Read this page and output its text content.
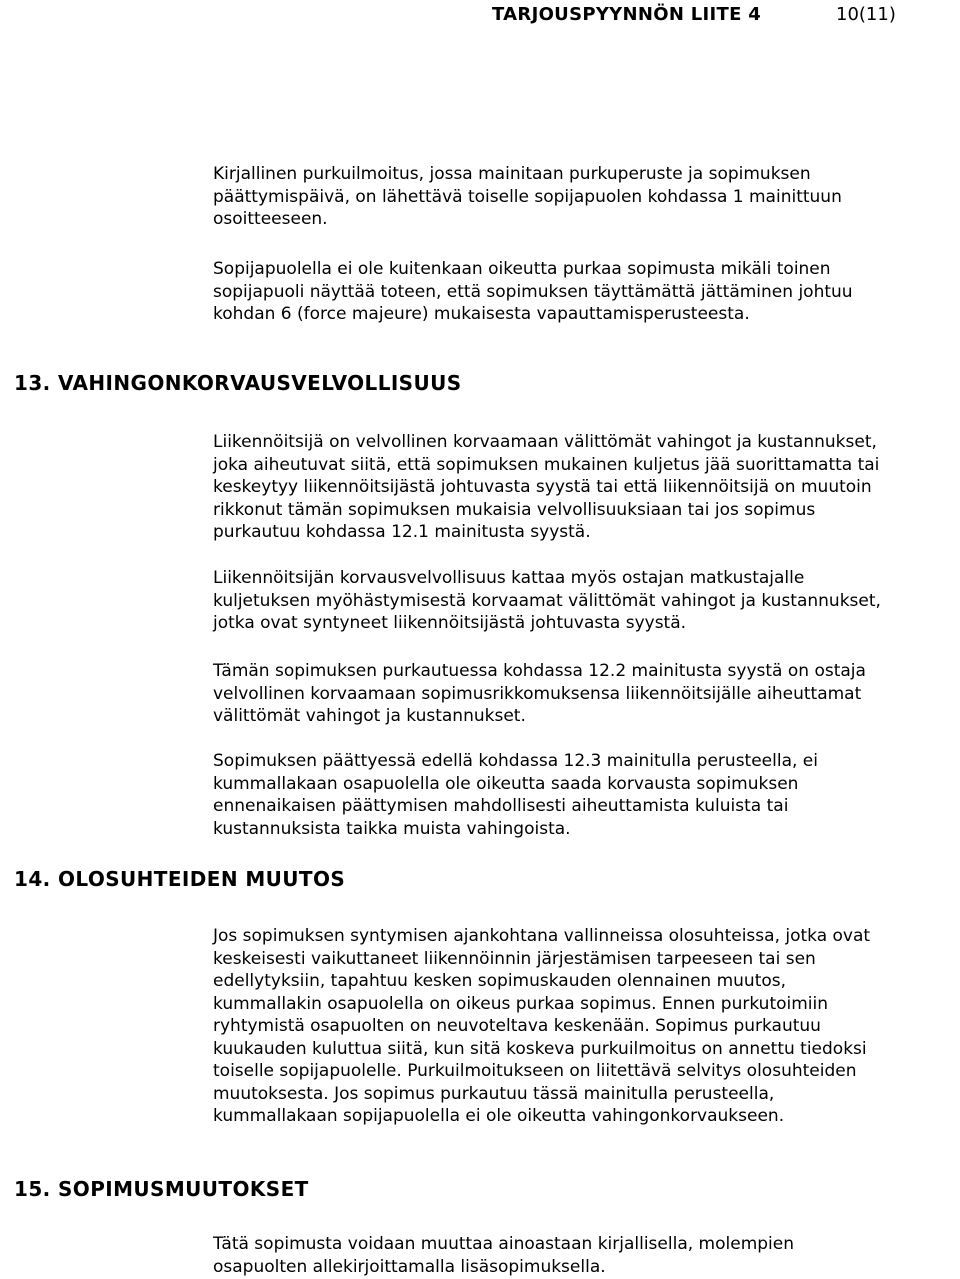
TARJOUSPYYNNÖN LIITE 4	10(11)

Kirjallinen purkuilmoitus, jossa mainitaan purkuperuste ja sopimuksen
päättymispäivä, on lähettävä toiselle sopijapuolen kohdassa 1 mainittuun
osoitteeseen.

Sopijapuolella ei ole kuitenkaan oikeutta purkaa sopimusta mikäli toinen
sopijapuoli näyttää toteen, että sopimuksen täyttämättä jättäminen johtuu
kohdan 6 (force majeure) mukaisesta vapauttamisperusteesta.

13. VAHINGONKORVAUSVELVOLLISUUS

Liikennöitsijä on velvollinen korvaamaan välittömät vahingot ja kustannukset,
joka aiheutuvat siitä, että sopimuksen mukainen kuljetus jää suorittamatta tai
keskeytyy liikennöitsijästä johtuvasta syystä tai että liikennöitsijä on muutoin
rikkonut tämän sopimuksen mukaisia velvollisuuksiaan tai jos sopimus
purkautuu kohdassa 12.1 mainitusta syystä.

Liikennöitsijän korvausvelvollisuus kattaa myös ostajan matkustajalle
kuljetuksen myöhästymisestä korvaamat välittömät vahingot ja kustannukset,
jotka ovat syntyneet liikennöitsijästä johtuvasta syystä.

Tämän sopimuksen purkautuessa kohdassa 12.2 mainitusta syystä on ostaja
velvollinen korvaamaan sopimusrikkomuksensa liikennöitsijälle aiheuttamat
välittömät vahingot ja kustannukset.

Sopimuksen päättyessä edellä kohdassa 12.3 mainitulla perusteella, ei
kummallakaan osapuolella ole oikeutta saada korvausta sopimuksen
ennenaikaisen päättymisen mahdollisesti aiheuttamista kuluista tai
kustannuksista taikka muista vahingoista.

14. OLOSUHTEIDEN MUUTOS

Jos sopimuksen syntymisen ajankohtana vallinneissa olosuhteissa, jotka ovat
keskeisesti vaikuttaneet liikennöinnin järjestämisen tarpeeseen tai sen
edellytyksiin, tapahtuu kesken sopimuskauden olennainen muutos,
kummallakin osapuolella on oikeus purkaa sopimus. Ennen purkutoimiin
ryhtymistä osapuolten on neuvoteltava keskenään. Sopimus purkautuu
kuukauden kuluttua siitä, kun sitä koskeva purkuilmoitus on annettu tiedoksi
toiselle sopijapuolelle. Purkuilmoitukseen on liitettävä selvitys olosuhteiden
muutoksesta. Jos sopimus purkautuu tässä mainitulla perusteella,
kummallakaan sopijapuolella ei ole oikeutta vahingonkorvaukseen.

15. SOPIMUSMUUTOKSET

Tätä sopimusta voidaan muuttaa ainoastaan kirjallisella, molempien
osapuolten allekirjoittamalla lisäsopimuksella.
